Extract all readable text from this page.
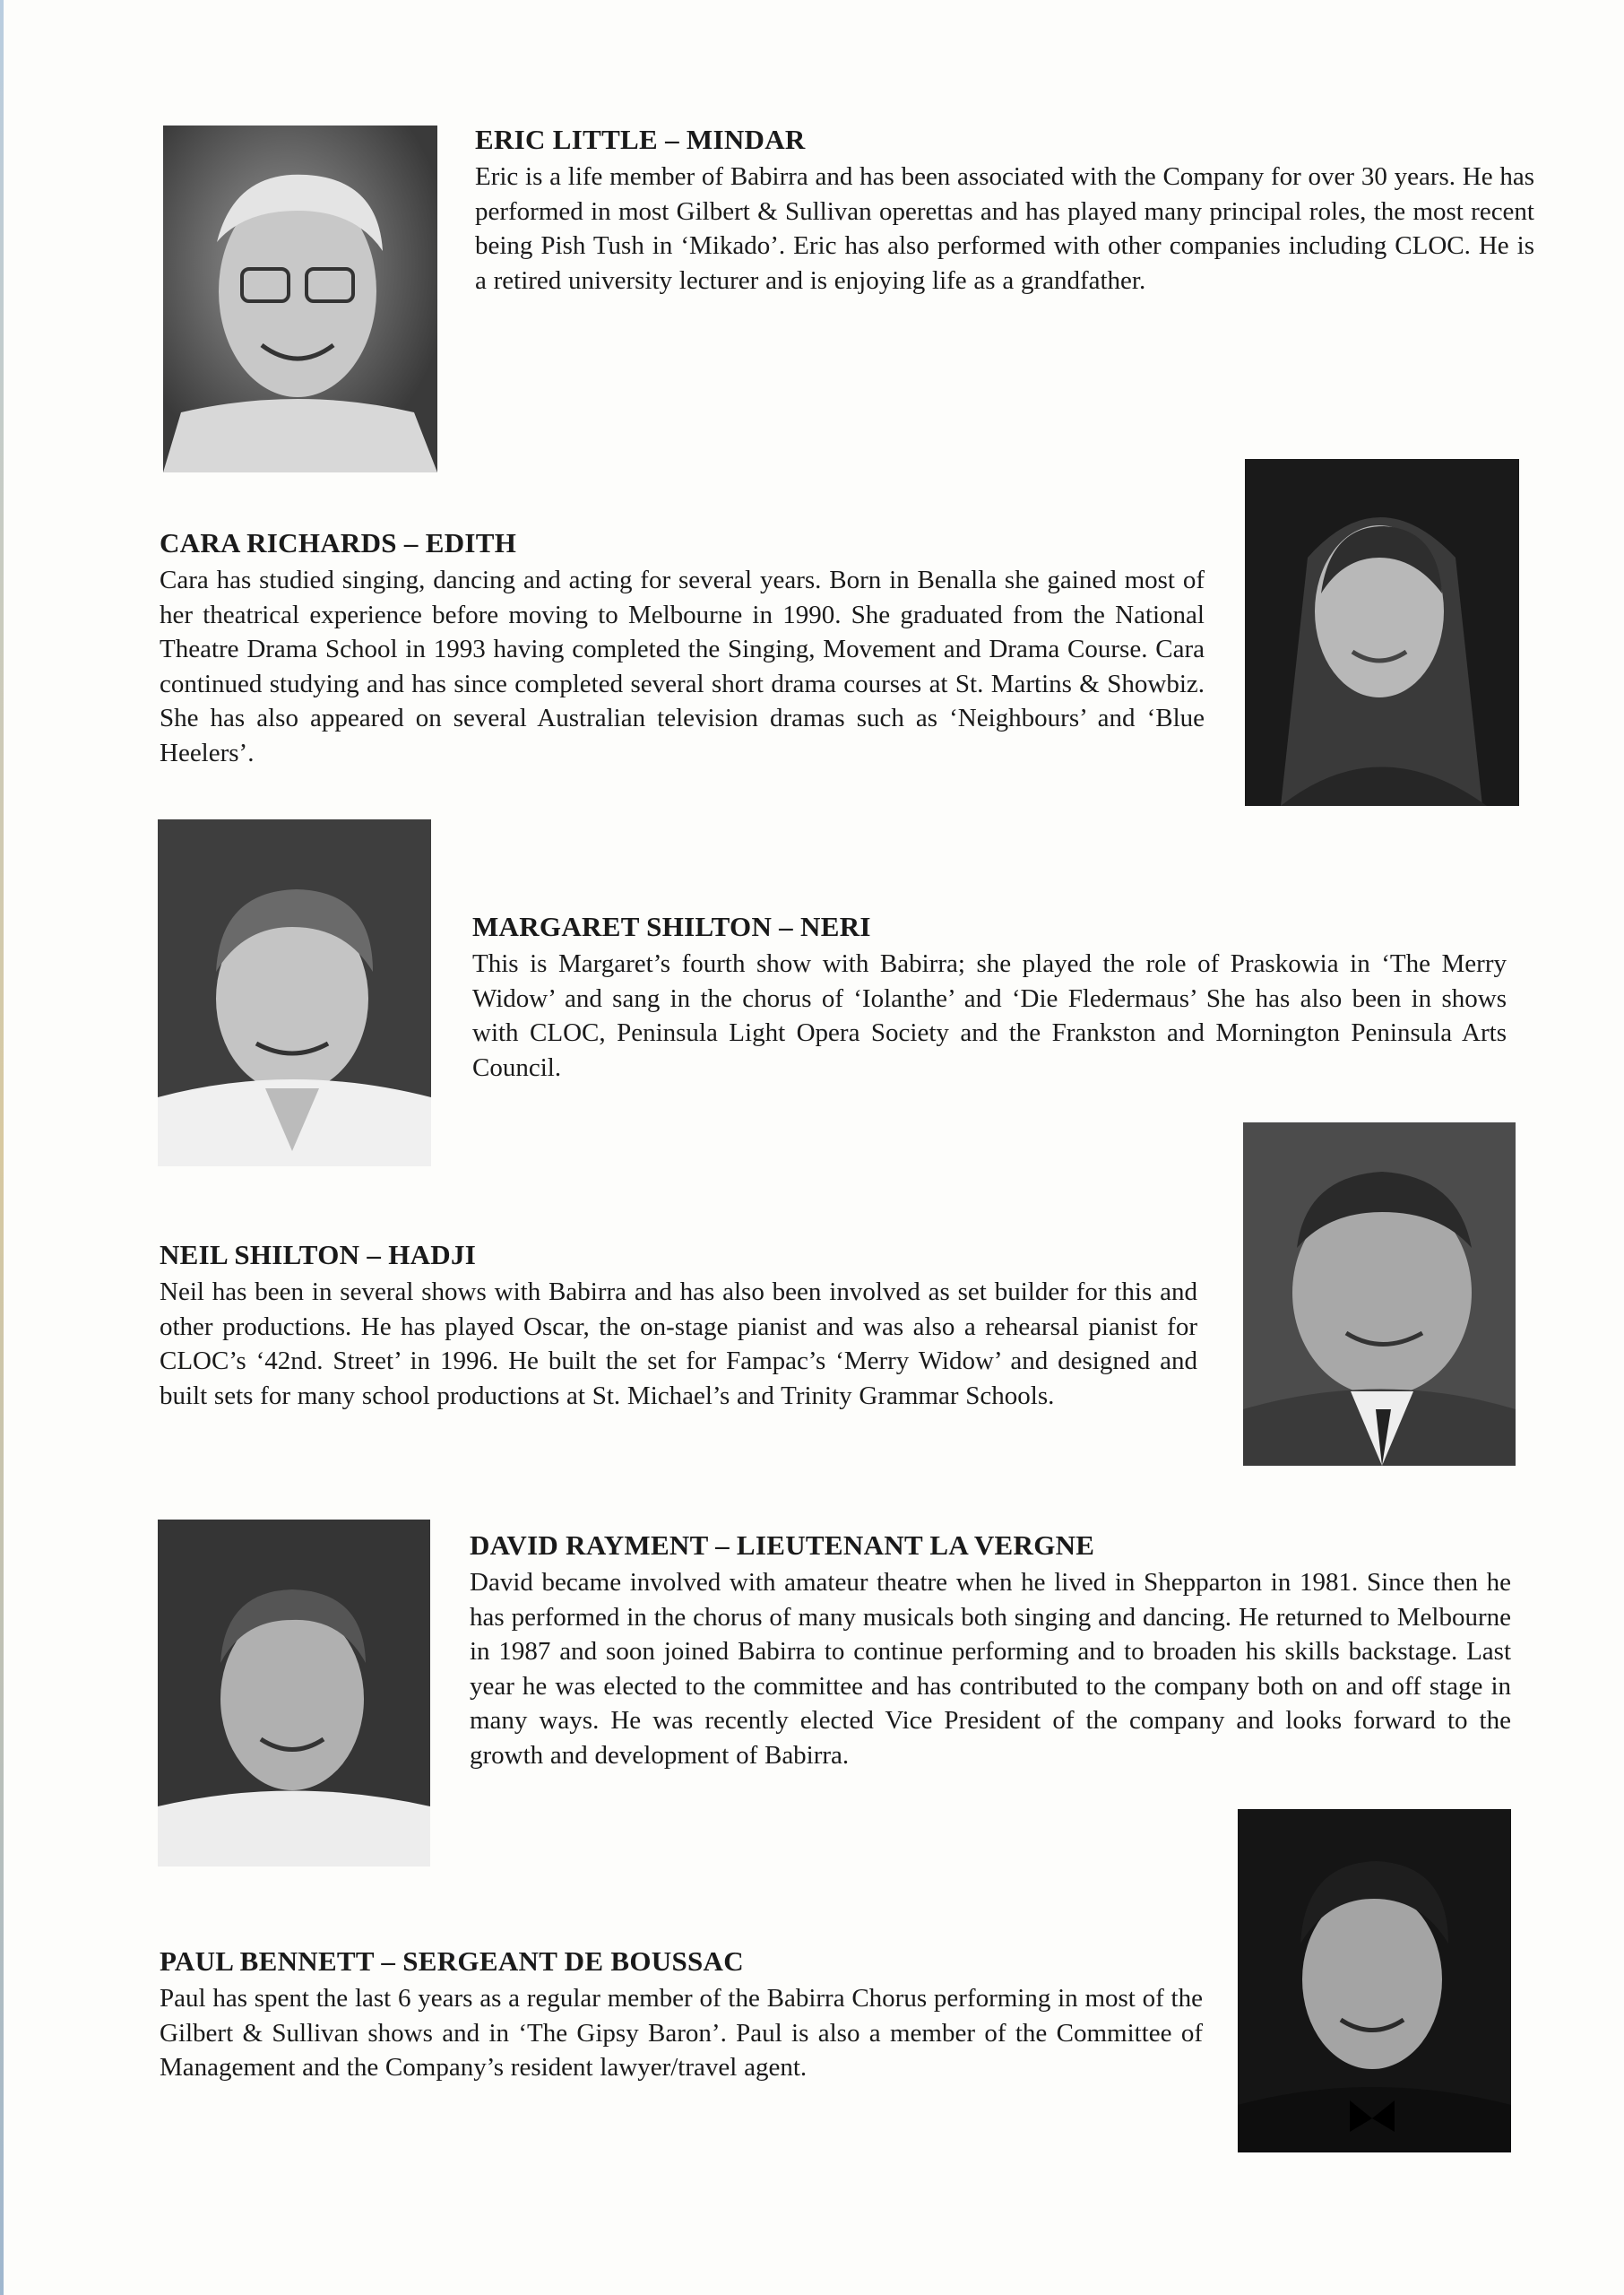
ERIC LITTLE – MINDAR

Eric is a life member of Babirra and has been associated with the Company for over 30 years. He has performed in most Gilbert & Sullivan operettas and has played many principal roles, the most recent being Pish Tush in ‘Mikado’. Eric has also performed with other companies including CLOC. He is a retired university lecturer and is enjoying life as a grandfather.

CARA RICHARDS – EDITH

Cara has studied singing, dancing and acting for several years. Born in Benalla she gained most of her theatrical experience before moving to Melbourne in 1990. She graduated from the National Theatre Drama School in 1993 having completed the Singing, Movement and Drama Course. Cara continued studying and has since completed several short drama courses at St. Martins & Showbiz. She has also appeared on several Australian television dramas such as ‘Neighbours’ and ‘Blue Heelers’.

MARGARET SHILTON – NERI

This is Margaret’s fourth show with Babirra; she played the role of Praskowia in ‘The Merry Widow’ and sang in the chorus of ‘Iolanthe’ and ‘Die Fledermaus’ She has also been in shows with CLOC, Peninsula Light Opera Society and the Frankston and Mornington Peninsula Arts Council.

NEIL SHILTON – HADJI

Neil has been in several shows with Babirra and has also been involved as set builder for this and other productions. He has played Oscar, the on-stage pianist and was also a rehearsal pianist for CLOC’s ‘42nd. Street’ in 1996. He built the set for Fampac’s ‘Merry Widow’ and designed and built sets for many school productions at St. Michael’s and Trinity Grammar Schools.

DAVID RAYMENT – LIEUTENANT LA VERGNE

David became involved with amateur theatre when he lived in Shepparton in 1981. Since then he has performed in the chorus of many musicals both singing and dancing. He returned to Melbourne in 1987 and soon joined Babirra to continue performing and to broaden his skills backstage. Last year he was elected to the committee and has contributed to the company both on and off stage in many ways. He was recently elected Vice President of the company and looks forward to the growth and development of Babirra.

PAUL BENNETT – SERGEANT DE BOUSSAC

Paul has spent the last 6 years as a regular member of the Babirra Chorus performing in most of the Gilbert & Sullivan shows and in ‘The Gipsy Baron’. Paul is also a member of the Committee of Management and the Company’s resident lawyer/travel agent.
